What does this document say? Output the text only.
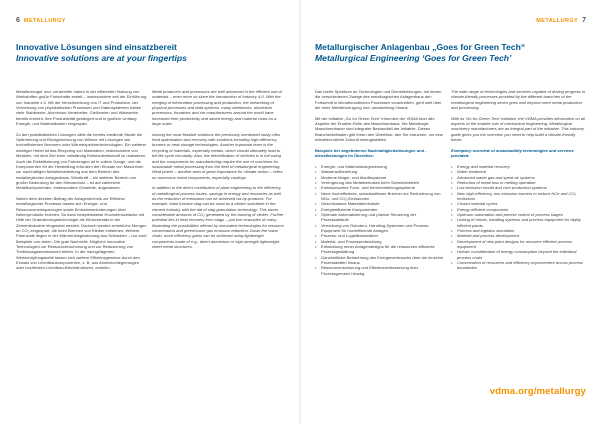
6 METALLURGY
Innovative Lösungen sind einsatzbereit
Innovative solutions are at your fingertips

Metallerzeuger und -verarbeiter haben in der effizienten Nutzung von Werkstoffen große Fortschritte erzielt – insbesondere seit der Einführung von Industrie 4.0. Mit der Verschmelzung von IT und Produktion, der Vernetzung von physikalischen Prozessen und Datensystemen haben viele Stahlwerke, Aluminium-Verarbeiter, Gießereien und Walzwerke bereits erreicht, ihre Produktivität gesteigert und in großem Umfang Energie- und Materialkosten eingespart.

Zu den praktikabelsten Lösungen zählt die bereits erwähnte Studie die Optimierung und Rückgewinnung von Wärme mit Lösungen wie hocheffizienten Brennern oder Wärmespeichertechnologien. Ein weiterer wichtiger Hebel ist das Recycling von Materialien, insbesondere von Metallen, mit dem Ziel einer vollständig Kreislaufwirtschaft zu realisieren. Auch die Elektrifizierung von Fahrzeugen ist in vollem Gange, und die Komponenten für die Herstellung erfordern den Einsatz von Maschinen zur nachhaltigen Metallverarbeitung aus dem Bereich des metallurgischen Anlagenbaus. Windkraft – ein weiterer Bereich von großer Bedeutung für den Klimaschutz – ist auf zahlreiche Metallkomponenten, insbesondere Gussteile, angewiesen.

Neben dem direkten Beitrag der Anlagentechnik zur Effizienz metallurgischer Prozesse lassen sich Energie- und Ressourceneinsparungen sowie Emissionsminderungen über Nebenprodukte erzielen. So kann beispielsweise Hochofenschlacke mit Hilfe der Granulierungstechnologie als Klinkerersatz in der Zementindustrie eingesetzt werden. Dadurch werden erhebliche Mengen an CO₂ eingespart, die beim Brennen von Klinker entstehen. Weitere Potenziale liegen in der Wärmerückgewinnung aus Schlacken – nur zwei Beispiele von vielen. Die gute Nachricht: Mögliche innovative Technologien zur Ressourcenschonung und zur Reduzierung von Treibhausgasemissionen bieten. In der nachgelagerten Wertschöpfungskette lassen sich weitere Effizienzgewinne durch den Einsatz von Leichtbaukomponenten, z. B. aus Aluminiumlegierungen oder hochfesten Leichtbau-Blechstrukturen, erzielen.

Metal producers and processors are well advanced in the efficient use of materials – even more so since the introduction of Industry 4.0. With the merging of information processing and production, the networking of physical processes and data systems, many steelworks, aluminium processors, foundries and car manufacturers around the world have increased their productivity and saved energy and material costs on a large scale.

Among the most feasible solutions the previously mentioned study cites heat optimisation and recovery with solutions including high-efficiency burners or heat storage technologies. Another important lever is the recycling of materials, especially metals, which should ultimately lead to full life-cycle circularity. Also, the electrification of vehicles is in full swing and the components for manufacturing require the use of machines for sustainable metal processing from the field of metallurgical engineering. Wind power – another area of great importance for climate action – relies on numerous metal components, especially castings.

In addition to the direct contribution of plant engineering to the efficiency of metallurgical process routes, savings in energy and resources as well as the reduction of emissions can be achieved via by-products. For example, blast furnace slag can be used as a clinker substitute in the cement industry with the aid of slag granulation technology. This saves considerable amounts of CO₂ generated by the burning of clinker. Further potential lies in heat recovery from slags – just two examples of many illustrating the possibilities offered by innovative technologies for resource conservation and greenhouse gas emission reduction. Down the value chain, more efficiency gains can be achieved using lightweight components made of e.g., direct aluminium or high-strength lightweight sheet metal structures.

METALLURGY 7
Metallurgischer Anlagenbau „Goes for Green Tech“
Metallurgical Engineering ‘Goes for Green Tech’

Das breite Spektrum an Technologien und Dienstleistungen, mit denen die verschiedenen Zweige des metallurgischen Anlagenbaus den Fortschritt in klimafreundlichen Prozessen vorantreiben, geht weit über die reine Metallerzeugung und -verarbeitung hinaus.

Mit der Initiative „Go for Green Tech“ informiert der VDMA über alle Aspekte der Enabler-Rolle des Maschinenbaus. Die Metallurgie Maschinenbauer sind integraler Bestandteil der Initiative. Dieses Branchenleitfaden gibt Ihnen den Überblick, den Sie brauchen, um eine klimafreundliche Zukunft mitzugestalten.

Beispiele der angebotenen Nachhaltigkeitslösungen und -dienstleistungen im Überblick:

• Energie- und Materialrückgewinnung
• Wasseraufbereitung
• Moderne Mager- und Alaufbsysteme
• Verringerung des Metallverlustes beim Schmelzbetrieb
• Emissionsarme Form- und Kernherstellungssysteme
• Neue hocheffiziente, schadstoffarme Brenner zur Reduzierung von NOx- und CO₂-Emissionen
• Geschlossene Materialkreisläufe
• Energieeffiziente Komponenten
• Optimale Automatisierung und präzise Steuerung der Prozessabläufe
• Vernetzung von Robotern, Handling-Systemen und Prozess-Equipment für hocheffiziente Anlagen
• Prozess- und Logistiksimulation
• Material- und Prozessentwicklung
• Entwicklung neuer Anlagendesigns für die ressourcen-effiziente Prozessgestaltung
• Ganzheitliche Betrachtung des Energieverbrauchs über die einzelne Prozessketten hinaus
• Ressourcenschonung und Effizienzverbesserung über Prozessgrenzen hinweg

The wide range of technologies and services capable of driving progress in climate-friendly processes provided by the different branches of the metallurgical engineering sector goes well beyond mere metal production and processing.

With its 'Go for Green Tech' initiative, the VDMA provides information on all aspects of the enabler role of mechanical engineering. Metallurgical machinery manufacturers are an integral part of the initiative. This industry guide gives you the overview you need to help build a climate-friendly future.

Exemplary overview of sustainability technologies and services provided:

• Energy and material recovery
• Water treatment
• Advanced waste gas and spent air systems
• Reduction of metal loss in melting operation
• Low-emission mould and core production systems
• New high-efficiency, low-emission burners to reduce NOx and CO₂ emissions
• Closed material cycles
• Energy-efficient components
• Optimum automation and precise control of process stages
• Linking of robots, handling systems and process equipment for highly efficient plants
• Process and logistics simulation
• Material and process development
• Development of new plant designs for resource efficient process equipment
• Holistic consideration of energy consumption beyond the individual process chain
• Conservation of resources and efficiency improvement across process boundaries
vdma.org/metallurgy
